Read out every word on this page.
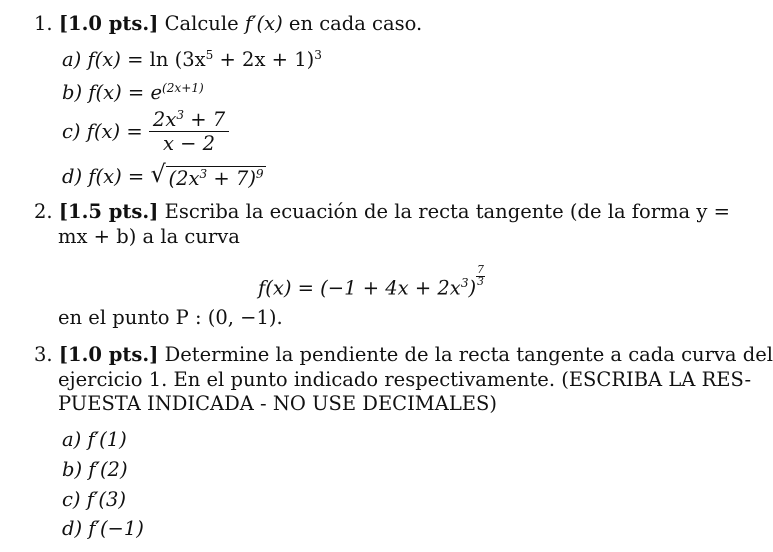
1. [1.0 pts.] Calcule f′(x) en cada caso.
a) $f(x) = \ln (3x^5 + 2x + 1)^3$
b) $f(x) = e^{(2x+1)}$
c) $f(x) = \frac{2x^3 + 7}{x - 2}$
d) f(x) = √ $(2x^3 + 7)^9$
2. [1.5 pts.] Escriba la ecuación de la recta tangente (de la forma y =
mx + b) a la curva
$f(x) = (-1 + 4x + 2x^3)$
$\frac{7}{3}$
en el punto P : (0, −1).
3. [1.0 pts.] Determine la pendiente de la recta tangente a cada curva del
ejercicio 1. En el punto indicado respectivamente. (ESCRIBA LA RES-
PUESTA INDICADA - NO USE DECIMALES)
a) f′(1)
b) f′(2)
c) f′(3)
d) f′(−1)
